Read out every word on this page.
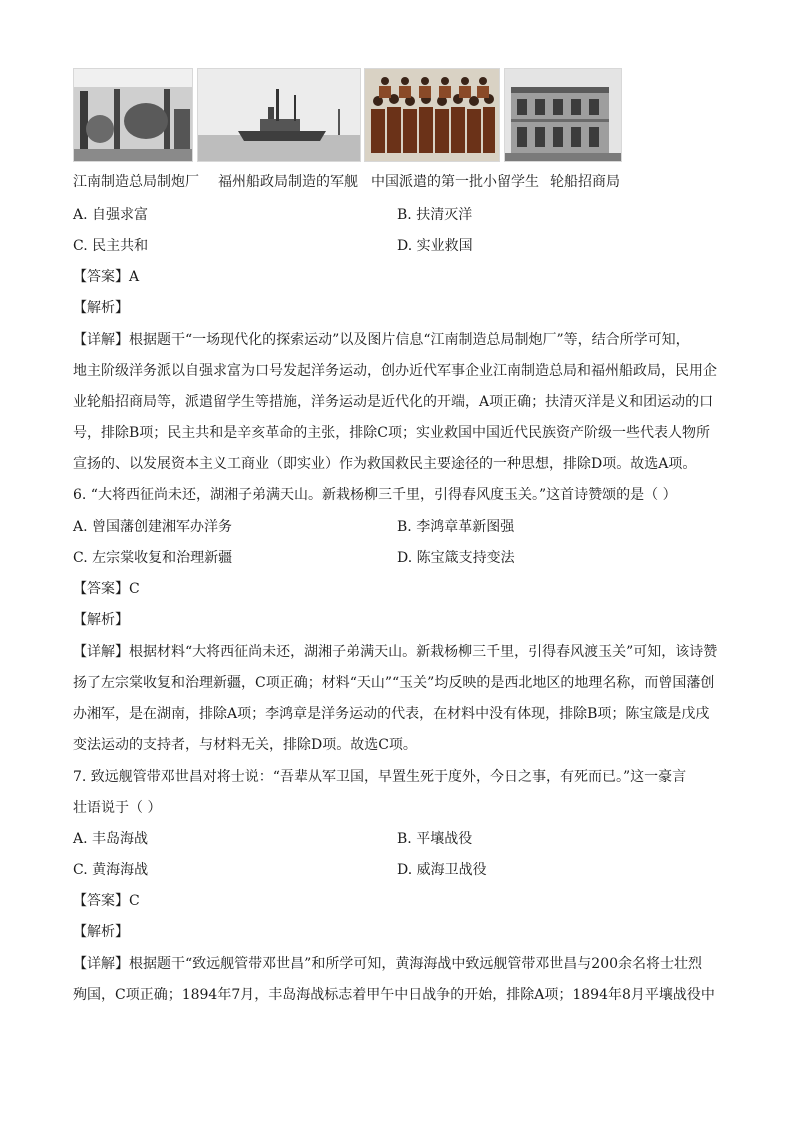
江南制造总局制炮厂 福州船政局制造的军舰 中国派遣的第一批小留学生 轮船招商局
A. 自强求富	B. 扶清灭洋
C. 民主共和	D. 实业救国
【答案】A
【解析】
【详解】根据题干“一场现代化的探索运动”以及图片信息“江南制造总局制炮厂”等，结合所学可知，
地主阶级洋务派以自强求富为口号发起洋务运动，创办近代军事企业江南制造总局和福州船政局，民用企
业轮船招商局等，派遣留学生等措施，洋务运动是近代化的开端，A项正确；扶清灭洋是义和团运动的口
号，排除B项；民主共和是辛亥革命的主张，排除C项；实业救国中国近代民族资产阶级一些代表人物所
宣扬的、以发展资本主义工商业（即实业）作为救国救民主要途径的一种思想，排除D项。故选A项。
6. “大将西征尚未还，湖湘子弟满天山。新栽杨柳三千里，引得春风度玉关。”这首诗赞颂的是（ ）
A. 曾国藩创建湘军办洋务	B. 李鸿章革新图强
C. 左宗棠收复和治理新疆	D. 陈宝箴支持变法
【答案】C
【解析】
【详解】根据材料“大将西征尚未还，湖湘子弟满天山。新栽杨柳三千里，引得春风渡玉关”可知，该诗赞
扬了左宗棠收复和治理新疆，C项正确；材料“天山”“玉关”均反映的是西北地区的地理名称，而曾国藩创
办湘军，是在湖南，排除A项；李鸿章是洋务运动的代表，在材料中没有体现，排除B项；陈宝箴是戊戌
变法运动的支持者，与材料无关，排除D项。故选C项。
7. 致远舰管带邓世昌对将士说：“吾辈从军卫国，早置生死于度外，今日之事，有死而已。”这一豪言
壮语说于（ ）
A. 丰岛海战	B. 平壤战役
C. 黄海海战	D. 威海卫战役
【答案】C
【解析】
【详解】根据题干“致远舰管带邓世昌”和所学可知，黄海海战中致远舰管带邓世昌与200余名将士壮烈
殉国，C项正确；1894年7月，丰岛海战标志着甲午中日战争的开始，排除A项；1894年8月平壤战役中
